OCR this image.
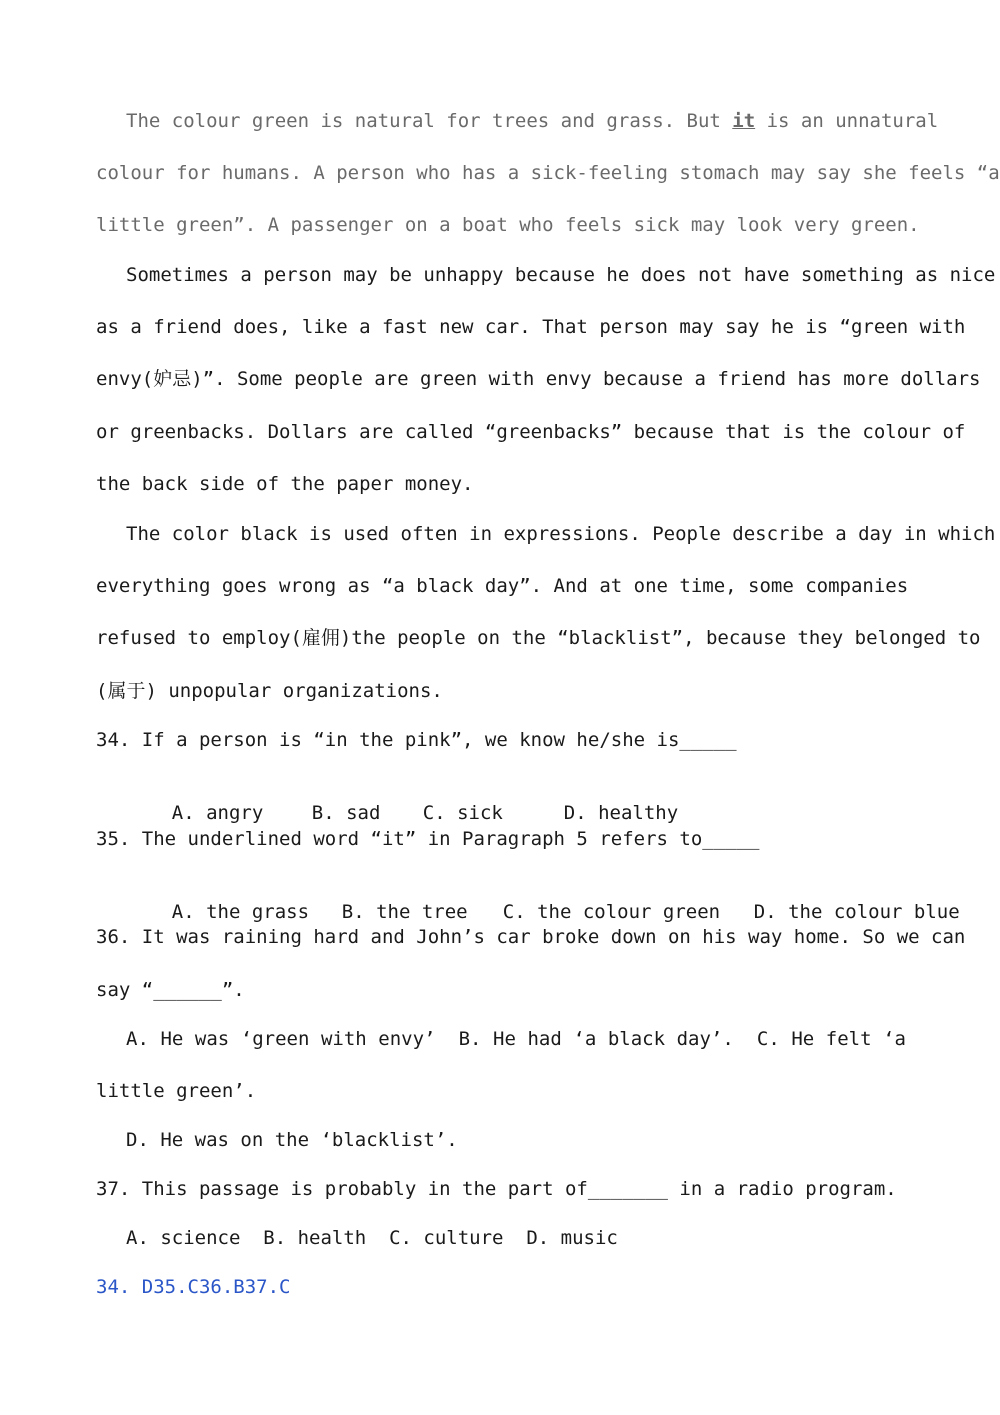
The colour green is natural for trees and grass. But it is an unnatural
colour for humans. A person who has a sick-feeling stomach may say she feels “a
little green”. A passenger on a boat who feels sick may look very green.
Sometimes a person may be unhappy because he does not have something as nice
as a friend does, like a fast new car. That person may say he is “green with
envy(妒忌)”. Some people are green with envy because a friend has more dollars
or greenbacks. Dollars are called “greenbacks” because that is the colour of
the back side of the paper money.
The color black is used often in expressions. People describe a day in which
everything goes wrong as “a black day”. And at one time, some companies
refused to employ(雇佣)the people on the “blacklist”, because they belonged to
(属于) unpopular organizations.
34. If a person is “in the pink”, we know he/she is_____

A. angry	B. sad C. sick	D. healthy

35. The underlined word “it” in Paragraph 5 refers to_____

A. the grass B. the tree C. the colour green D. the colour blue

36. It was raining hard and John’s car broke down on his way home. So we can
say “______”.
A. He was ‘green with envy’  B. He had ‘a black day’.  C. He felt ‘a
little green’.
D. He was on the ‘blacklist’.
37. This passage is probably in the part of_______ in a radio program.
A. science  B. health  C. culture  D. music
34. D35.C36.B37.C
